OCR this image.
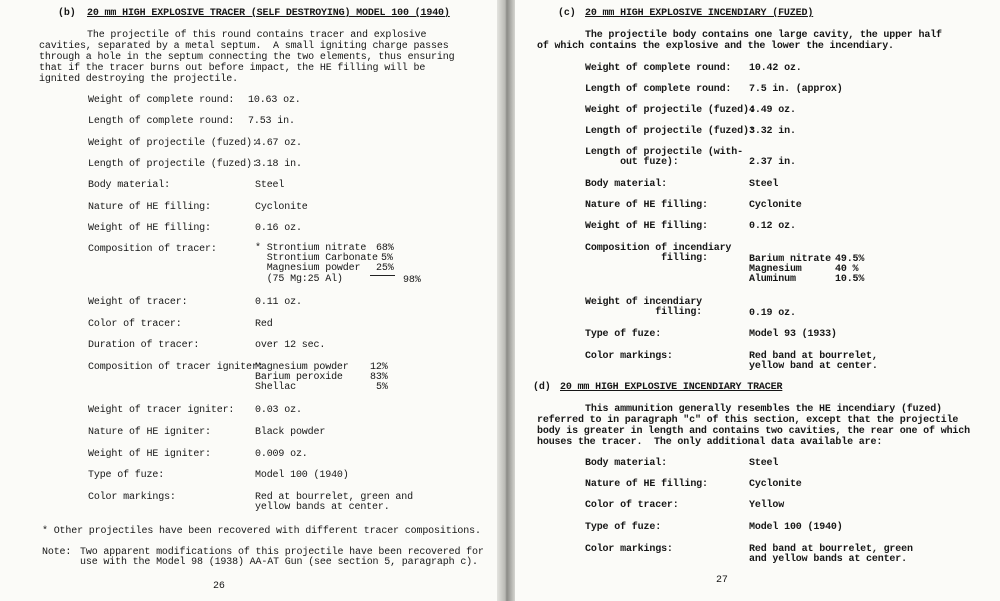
(b) 20 mm HIGH EXPLOSIVE TRACER (SELF DESTROYING) MODEL 100 (1940)
The projectile of this round contains tracer and explosive
cavities, separated by a metal septum.  A small igniting charge passes
through a hole in the septum connecting the two elements, thus ensuring
that if the tracer burns out before impact, the HE filling will be
ignited destroying the projectile.
Weight of complete round: 10.63 oz.
Length of complete round: 7.53 in.
Weight of projectile (fuzed):
4.67 oz.
Length of projectile (fuzed):
3.18 in.
Body material:	Steel
Nature of HE filling:	Cyclonite
Weight of HE filling:	0.16 oz.
Composition of tracer:	* Strontium nitrate 68%
Strontium Carbonate 5%
Magnesium powder 25%
(75 Mg:25 Al)	98%
Weight of tracer:	0.11 oz.
Color of tracer:	Red
Duration of tracer:	over 12 sec.
Composition of tracer igniter:
Magnesium powder 12%
Barium peroxide	83%
Shellac	5%
Weight of tracer igniter: 0.03 oz.
Nature of HE igniter:	Black powder
Weight of HE igniter:	0.009 oz.
Type of fuze:	Model 100 (1940)
Color markings:	Red at bourrelet, green and
yellow bands at center.
* Other projectiles have been recovered with different tracer compositions.
Note: Two apparent modifications of this projectile have been recovered for
use with the Model 98 (1938) AA-AT Gun (see section 5, paragraph c).
26
(c) 20 mm HIGH EXPLOSIVE INCENDIARY (FUZED)
The projectile body contains one large cavity, the upper half
of which contains the explosive and the lower the incendiary.
Weight of complete round: 10.42 oz.
Length of complete round: 7.5 in. (approx)
Weight of projectile (fuzed):
4.49 oz.
Length of projectile (fuzed):
3.32 in.
Length of projectile (with-
out fuze):	2.37 in.
Body material:	Steel
Nature of HE filling:	Cyclonite
Weight of HE filling:	0.12 oz.
Composition of incendiary
filling:	Barium nitrate 49.5%
Magnesium	40 %
Aluminum	10.5%
Weight of incendiary
filling:	0.19 oz.
Type of fuze:	Model 93 (1933)
Color markings:	Red band at bourrelet,
yellow band at center.
(d) 20 mm HIGH EXPLOSIVE INCENDIARY TRACER
This ammunition generally resembles the HE incendiary (fuzed)
referred to in paragraph "c" of this section, except that the projectile
body is greater in length and contains two cavities, the rear one of which
houses the tracer.  The only additional data available are:
Body material:	Steel
Nature of HE filling:	Cyclonite
Color of tracer:	Yellow
Type of fuze:	Model 100 (1940)
Color markings:	Red band at bourrelet, green
and yellow bands at center.
27
